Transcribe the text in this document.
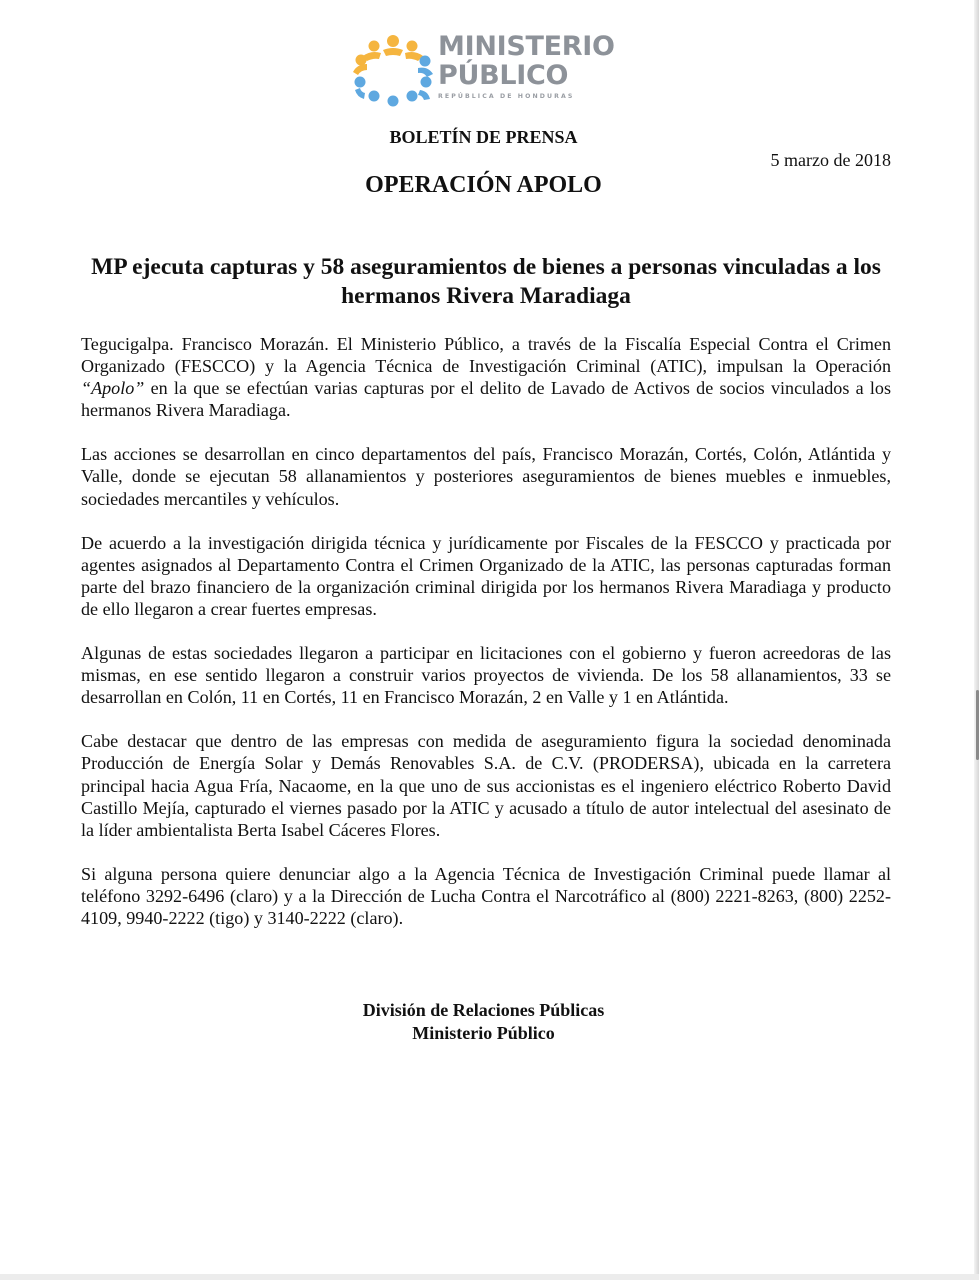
MINISTERIO
PÚBLICO
REPÚBLICA DE HONDURAS
BOLETÍN DE PRENSA
5 marzo de 2018
OPERACIÓN APOLO
MP ejecuta capturas y 58 aseguramientos de bienes a personas vinculadas a los hermanos Rivera Maradiaga

Tegucigalpa. Francisco Morazán. El Ministerio Público, a través de la Fiscalía Especial Contra el Crimen Organizado (FESCCO) y la Agencia Técnica de Investigación Criminal (ATIC), impulsan la Operación “Apolo” en la que se efectúan varias capturas por el delito de Lavado de Activos de socios vinculados a los hermanos Rivera Maradiaga.

Las acciones se desarrollan en cinco departamentos del país, Francisco Morazán, Cortés, Colón, Atlántida y Valle, donde se ejecutan 58 allanamientos y posteriores aseguramientos de bienes muebles e inmuebles, sociedades mercantiles y vehículos.

De acuerdo a la investigación dirigida técnica y jurídicamente por Fiscales de la FESCCO y practicada por agentes asignados al Departamento Contra el Crimen Organizado de la ATIC, las personas capturadas forman parte del brazo financiero de la organización criminal dirigida por los hermanos Rivera Maradiaga y producto de ello llegaron a crear fuertes empresas.

Algunas de estas sociedades llegaron a participar en licitaciones con el gobierno y fueron acreedoras de las mismas, en ese sentido llegaron a construir varios proyectos de vivienda. De los 58 allanamientos, 33 se desarrollan en Colón, 11 en Cortés, 11 en Francisco Morazán, 2 en Valle y 1 en Atlántida.

Cabe destacar que dentro de las empresas con medida de aseguramiento figura la sociedad denominada Producción de Energía Solar y Demás Renovables S.A. de C.V. (PRODERSA), ubicada en la carretera principal hacia Agua Fría, Nacaome, en la que uno de sus accionistas es el ingeniero eléctrico Roberto David Castillo Mejía, capturado el viernes pasado por la ATIC y acusado a título de autor intelectual del asesinato de la líder ambientalista Berta Isabel Cáceres Flores.

Si alguna persona quiere denunciar algo a la Agencia Técnica de Investigación Criminal puede llamar al teléfono 3292-6496 (claro) y a la Dirección de Lucha Contra el Narcotráfico al (800) 2221-8263, (800) 2252-4109, 9940-2222 (tigo) y 3140-2222 (claro).

División de Relaciones Públicas
Ministerio Público
